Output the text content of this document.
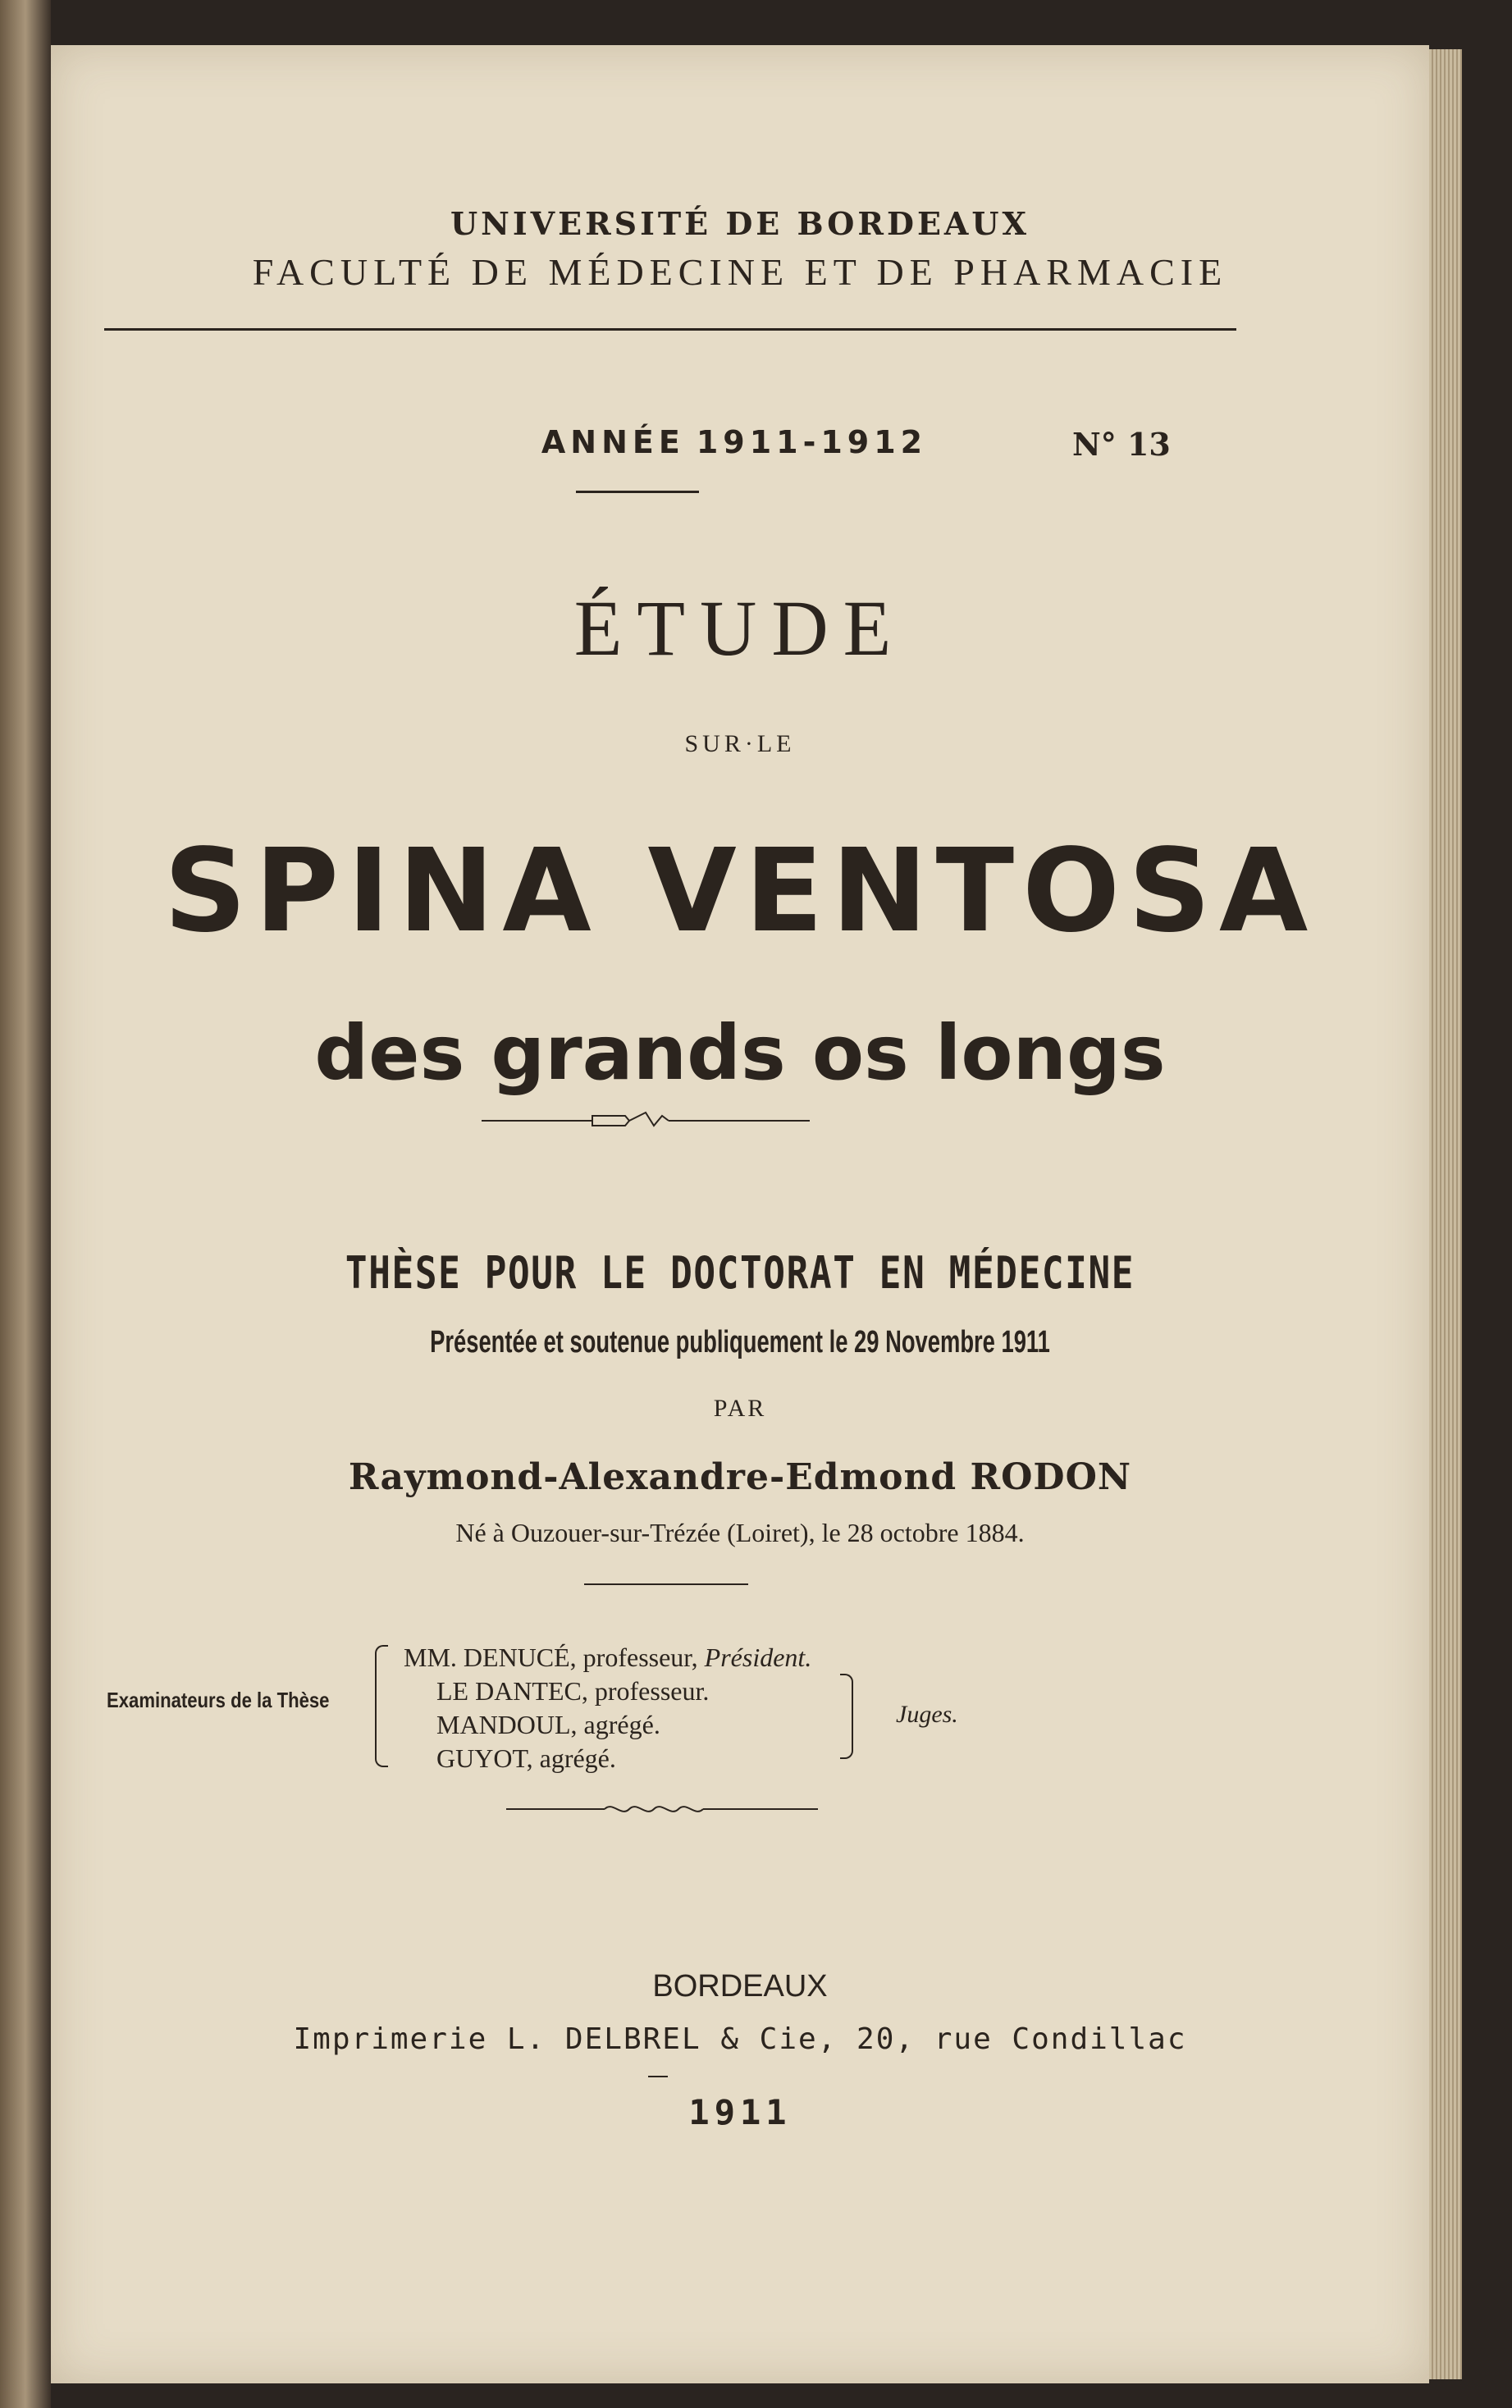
UNIVERSITÉ DE BORDEAUX
FACULTÉ DE MÉDECINE ET DE PHARMACIE
ANNÉE 1911-1912	N° 13
ÉTUDE
SUR·LE
SPINA VENTOSA
des grands os longs
THÈSE POUR LE DOCTORAT EN MÉDECINE
Présentée et soutenue publiquement le 29 Novembre 1911
PAR
Raymond-Alexandre-Edmond RODON
Né à Ouzouer-sur-Trézée (Loiret), le 28 octobre 1884.
Examinateurs de la Thèse
MM. DENUCÉ, professeur, Président.
LE DANTEC, professeur.
MANDOUL, agrégé.
GUYOT, agrégé.
Juges.
BORDEAUX
Imprimerie L. DELBREL & Cie, 20, rue Condillac
1911
